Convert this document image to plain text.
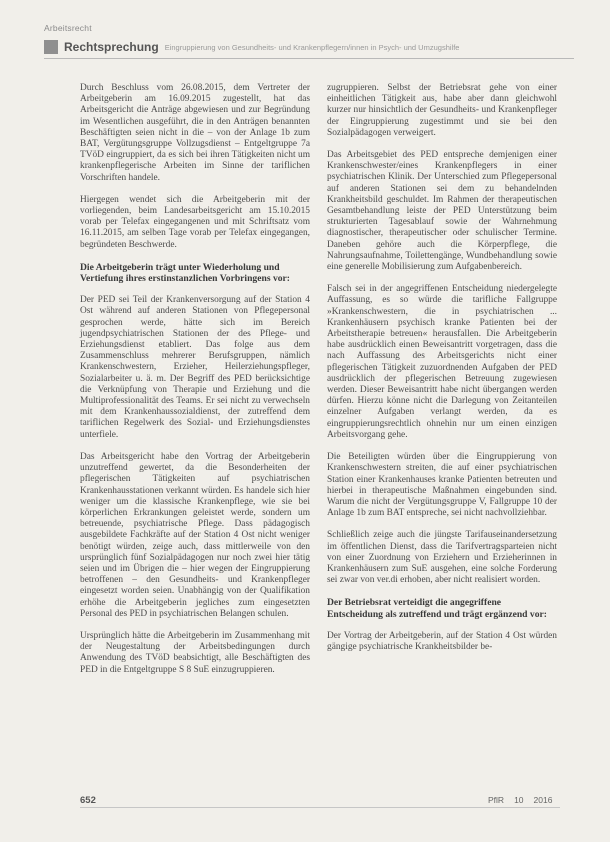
Arbeitsrecht
Rechtsprechung Eingruppierung von Gesundheits- und Krankenpflegern/innen in Psych- und Umzugshilfe

Durch Beschluss vom 26.08.2015, dem Vertreter der Arbeitgeberin am 16.09.2015 zugestellt, hat das Arbeitsgericht die Anträge abgewiesen und zur Begründung im Wesentlichen ausgeführt, die in den Anträgen benannten Beschäftigten seien nicht in die – von der Anlage 1b zum BAT, Vergütungsgruppe Vollzugsdienst – Entgeltgruppe 7a TVöD eingruppiert, da es sich bei ihren Tätigkeiten nicht um krankenpflegerische Arbeiten im Sinne der tariflichen Vorschriften handele.

Hiergegen wendet sich die Arbeitgeberin mit der vorliegenden, beim Landesarbeitsgericht am 15.10.2015 vorab per Telefax eingegangenen und mit Schriftsatz vom 16.11.2015, am selben Tage vorab per Telefax eingegangen, begründeten Beschwerde.

Die Arbeitgeberin trägt unter Wiederholung und Vertiefung ihres erstinstanzlichen Vorbringens vor:

Der PED sei Teil der Krankenversorgung auf der Station 4 Ost während auf anderen Stationen von Pflegepersonal gesprochen werde, hätte sich im Bereich jugendpsychiatrischen Stationen der des Pflege- und Erziehungsdienst etabliert. Das folge aus dem Zusammenschluss mehrerer Berufsgruppen, nämlich Krankenschwestern, Erzieher, Heilerziehungspfleger, Sozialarbeiter u. ä. m. Der Begriff des PED berücksichtige die Verknüpfung von Therapie und Erziehung und die Multiprofessionalität des Teams. Er sei nicht zu verwechseln mit dem Krankenhaussozialdienst, der zutreffend dem tariflichen Regelwerk des Sozial- und Erziehungsdienstes unterfiele.

Das Arbeitsgericht habe den Vortrag der Arbeitgeberin unzutreffend gewertet, da die Besonderheiten der pflegerischen Tätigkeiten auf psychiatrischen Krankenhausstationen verkannt würden. Es handele sich hier weniger um die klassische Krankenpflege, wie sie bei körperlichen Erkrankungen geleistet werde, sondern um betreuende, psychiatrische Pflege. Dass pädagogisch ausgebildete Fachkräfte auf der Station 4 Ost nicht weniger benötigt würden, zeige auch, dass mittlerweile von den ursprünglich fünf Sozialpädagogen nur noch zwei hier tätig seien und im Übrigen die – hier wegen der Eingruppierung betroffenen – den Gesundheits- und Krankenpfleger eingesetzt worden seien. Unabhängig von der Qualifikation erhöhe die Arbeitgeberin jegliches zum eingesetzten Personal des PED in psychiatrischen Belangen schulen.

Ursprünglich hätte die Arbeitgeberin im Zusammenhang mit der Neugestaltung der Arbeitsbedingungen durch Anwendung des TVöD beabsichtigt, alle Beschäftigten des PED in die Entgeltgruppe S 8 SuE einzugruppieren.

zugruppieren. Selbst der Betriebsrat gehe von einer einheitlichen Tätigkeit aus, habe aber dann gleichwohl kurzer nur hinsichtlich der Gesundheits- und Krankenpfleger der Eingruppierung zugestimmt und sie bei den Sozialpädagogen verweigert.

Das Arbeitsgebiet des PED entspreche demjenigen einer Krankenschwester/eines Krankenpflegers in einer psychiatrischen Klinik. Der Unterschied zum Pflegepersonal auf anderen Stationen sei dem zu behandelnden Krankheitsbild geschuldet. Im Rahmen der therapeutischen Gesamtbehandlung leiste der PED Unterstützung beim strukturierten Tagesablauf sowie der Wahrnehmung diagnostischer, therapeutischer oder schulischer Termine. Daneben gehöre auch die Körperpflege, die Nahrungsaufnahme, Toilettengänge, Wundbehandlung sowie eine generelle Mobilisierung zum Aufgabenbereich.

Falsch sei in der angegriffenen Entscheidung niedergelegte Auffassung, es so würde die tarifliche Fallgruppe »Krankenschwestern, die in psychiatrischen ... Krankenhäusern psychisch kranke Patienten bei der Arbeitstherapie betreuen« herausfallen. Die Arbeitgeberin habe ausdrücklich einen Beweisantritt vorgetragen, dass die nach Auffassung des Arbeitsgerichts nicht einer pflegerischen Tätigkeit zuzuordnenden Aufgaben der PED ausdrücklich der pflegerischen Betreuung zugewiesen werden. Dieser Beweisantritt habe nicht übergangen werden dürfen. Hierzu könne nicht die Darlegung von Zeitanteilen einzelner Aufgaben verlangt werden, da es eingruppierungsrechtlich ohnehin nur um einen einzigen Arbeitsvorgang gehe.

Die Beteiligten würden über die Eingruppierung von Krankenschwestern streiten, die auf einer psychiatrischen Station einer Krankenhauses kranke Patienten betreuten und hierbei in therapeutische Maßnahmen eingebunden sind. Warum die nicht der Vergütungsgruppe V, Fallgruppe 10 der Anlage 1b zum BAT entspreche, sei nicht nachvollziehbar.

Schließlich zeige auch die jüngste Tarifauseinandersetzung im öffentlichen Dienst, dass die Tarifvertragsparteien nicht von einer Zuordnung von Erziehern und Erzieherinnen in Krankenhäusern zum SuE ausgehen, eine solche Forderung sei zwar von ver.di erhoben, aber nicht realisiert worden.

Der Betriebsrat verteidigt die angegriffene Entscheidung als zutreffend und trägt ergänzend vor:

Der Vortrag der Arbeitgeberin, auf der Station 4 Ost würden gängige psychiatrische Krankheitsbilder be-

652	PflR 10 2016
